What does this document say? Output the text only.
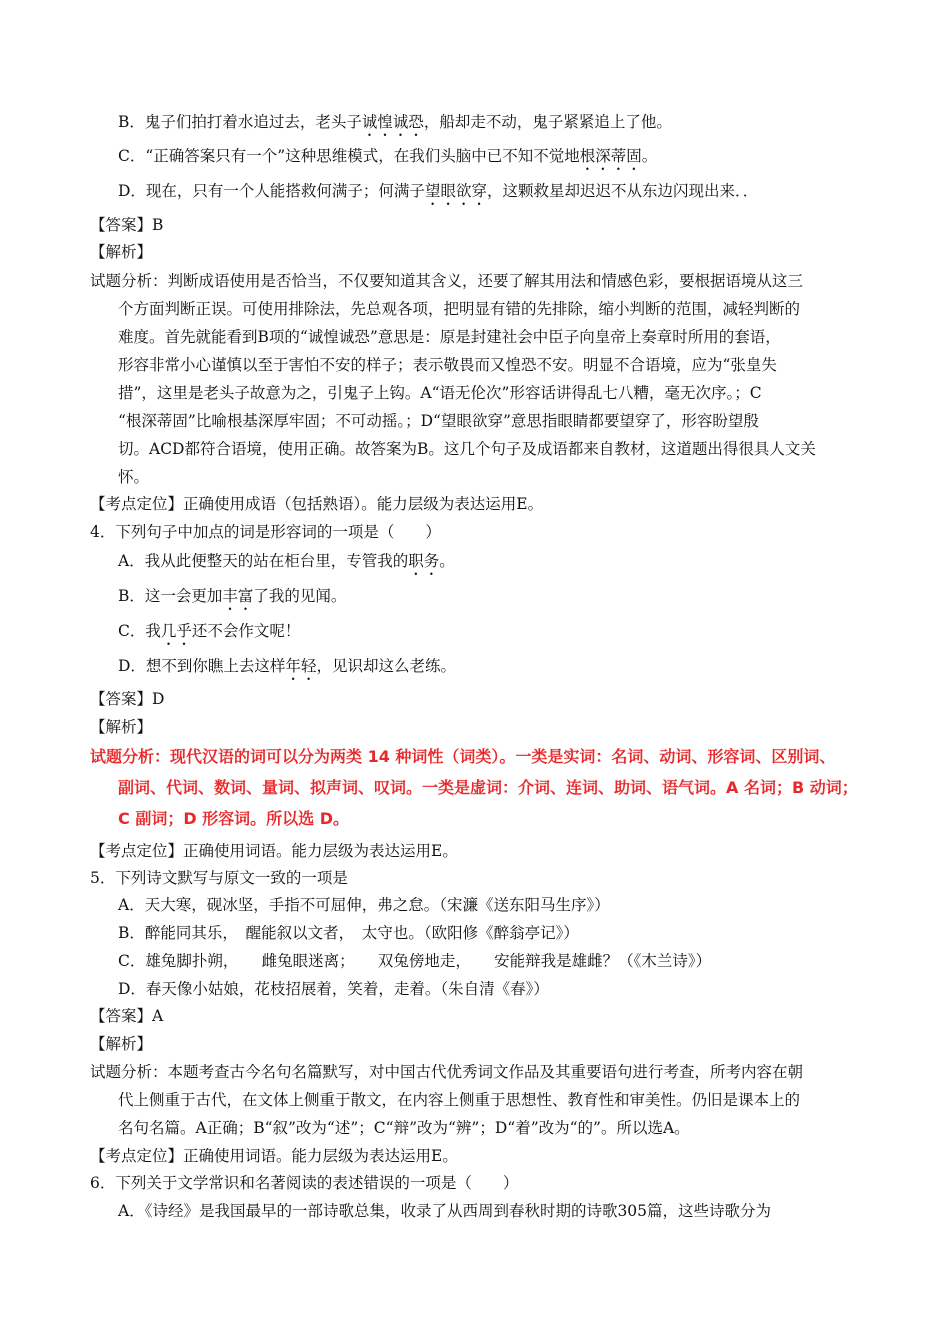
B．鬼子们拍打着水追过去，老头子诚惶诚恐，船却走不动，鬼子紧紧追上了他。
C．“正确答案只有一个”这种思维模式，在我们头脑中已不知不觉地根深蒂固。
D．现在，只有一个人能搭救何满子；何满子望眼欲穿，这颗救星却迟迟不从东边闪现出来．．
【答案】B
【解析】
试题分析：判断成语使用是否恰当，不仅要知道其含义，还要了解其用法和情感色彩，要根据语境从这三
个方面判断正误。可使用排除法，先总观各项，把明显有错的先排除，缩小判断的范围，减轻判断的
难度。首先就能看到B项的“诚惶诚恐”意思是：原是封建社会中臣子向皇帝上奏章时所用的套语，
形容非常小心谨慎以至于害怕不安的样子；表示敬畏而又惶恐不安。明显不合语境，应为“张皇失
措”，这里是老头子故意为之，引鬼子上钩。A“语无伦次”形容话讲得乱七八糟，毫无次序。；C
“根深蒂固”比喻根基深厚牢固；不可动摇。；D“望眼欲穿”意思指眼睛都要望穿了，形容盼望殷
切。ACD都符合语境，使用正确。故答案为B。这几个句子及成语都来自教材，这道题出得很具人文关
怀。
【考点定位】正确使用成语（包括熟语）。能力层级为表达运用E。
4．下列句子中加点的词是形容词的一项是（　　）
A．我从此便整天的站在柜台里，专管我的职务。
B．这一会更加丰富了我的见闻。
C．我几乎还不会作文呢！
D．想不到你瞧上去这样年轻，见识却这么老练。
【答案】D
【解析】
试题分析：现代汉语的词可以分为两类 14 种词性（词类）。一类是实词：名词、动词、形容词、区别词、
副词、代词、数词、量词、拟声词、叹词。一类是虚词：介词、连词、助词、语气词。A 名词；B 动词；
C 副词；D 形容词。所以选 D。
【考点定位】正确使用词语。能力层级为表达运用E。
5．下列诗文默写与原文一致的一项是
A．天大寒，砚冰坚，手指不可屈伸，弗之怠。（宋濂《送东阳马生序》）
B．醉能同其乐，　醒能叙以文者，　太守也。（欧阳修《醉翁亭记》）
C．雄兔脚扑朔，　　雌兔眼迷离；　　双兔傍地走，　　安能辩我是雄雌？（《木兰诗》）
D．春天像小姑娘，花枝招展着，笑着，走着。（朱自清《春》）
【答案】A
【解析】
试题分析：本题考查古今名句名篇默写，对中国古代优秀词文作品及其重要语句进行考查，所考内容在朝
代上侧重于古代，在文体上侧重于散文，在内容上侧重于思想性、教育性和审美性。仍旧是课本上的
名句名篇。A正确；B“叙”改为“述”；C“辩”改为“辨”；D“着”改为“的”。所以选A。
【考点定位】正确使用词语。能力层级为表达运用E。
6．下列关于文学常识和名著阅读的表述错误的一项是（　　）
A．《诗经》是我国最早的一部诗歌总集，收录了从西周到春秋时期的诗歌305篇，这些诗歌分为
